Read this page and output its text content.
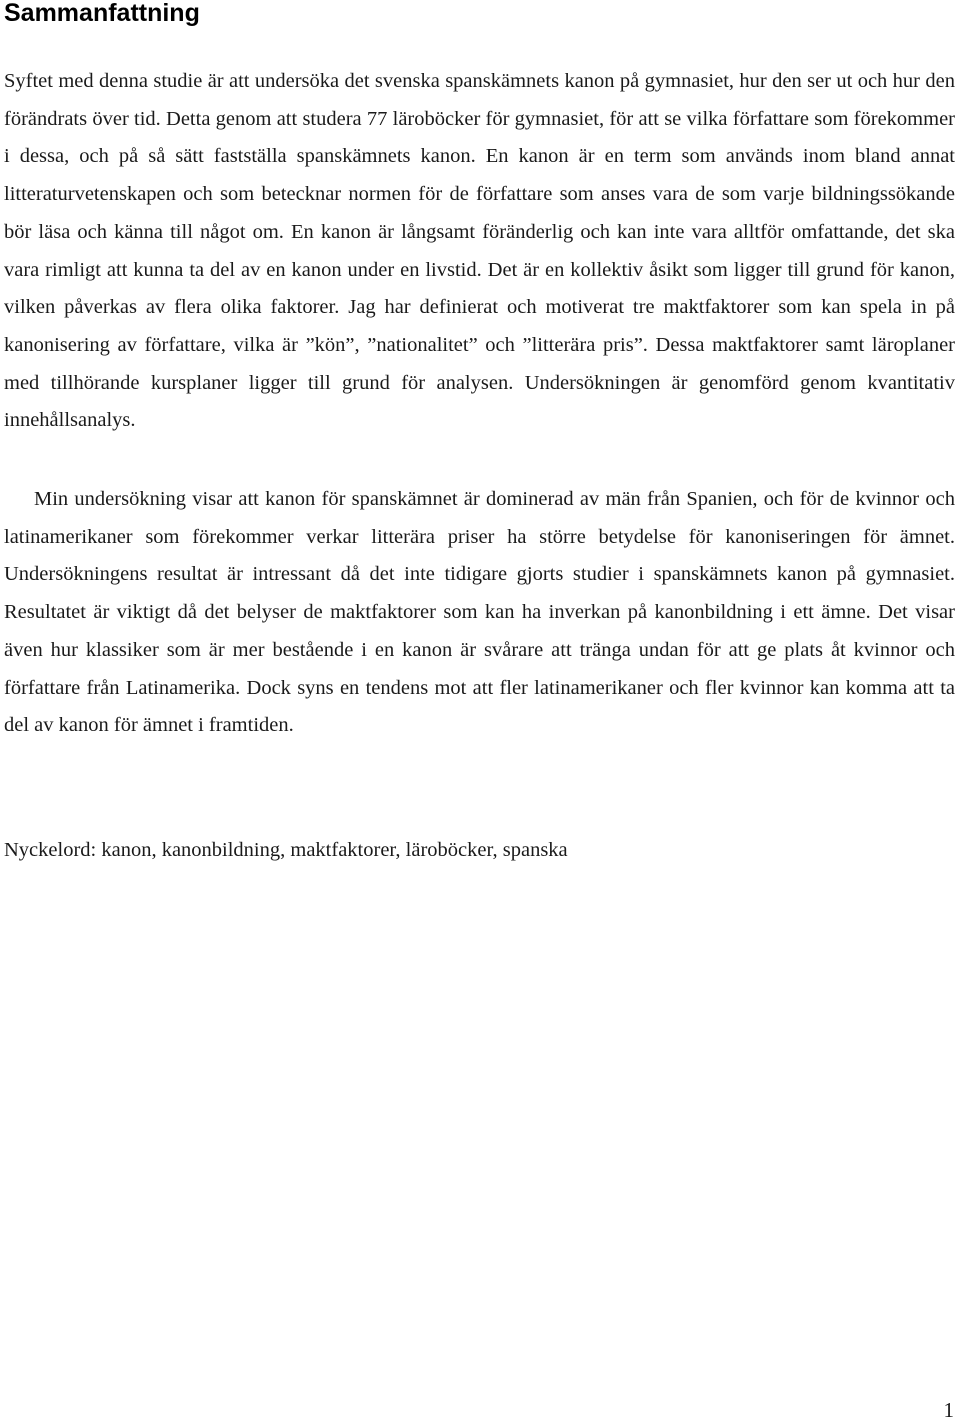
Sammanfattning

Syftet med denna studie är att undersöka det svenska spanskämnets kanon på gymnasiet, hur den ser ut och hur den förändrats över tid. Detta genom att studera 77 läroböcker för gymnasiet, för att se vilka författare som förekommer i dessa, och på så sätt fastställa spanskämnets kanon. En kanon är en term som används inom bland annat litteraturvetenskapen och som betecknar normen för de författare som anses vara de som varje bildningssökande bör läsa och känna till något om. En kanon är långsamt föränderlig och kan inte vara alltför omfattande, det ska vara rimligt att kunna ta del av en kanon under en livstid. Det är en kollektiv åsikt som ligger till grund för kanon, vilken påverkas av flera olika faktorer. Jag har definierat och motiverat tre maktfaktorer som kan spela in på kanonisering av författare, vilka är ”kön”, ”nationalitet” och ”litterära pris”. Dessa maktfaktorer samt läroplaner med tillhörande kursplaner ligger till grund för analysen. Undersökningen är genomförd genom kvantitativ innehållsanalys.

Min undersökning visar att kanon för spanskämnet är dominerad av män från Spanien, och för de kvinnor och latinamerikaner som förekommer verkar litterära priser ha större betydelse för kanoniseringen för ämnet. Undersökningens resultat är intressant då det inte tidigare gjorts studier i spanskämnets kanon på gymnasiet. Resultatet är viktigt då det belyser de maktfaktorer som kan ha inverkan på kanonbildning i ett ämne. Det visar även hur klassiker som är mer bestående i en kanon är svårare att tränga undan för att ge plats åt kvinnor och författare från Latinamerika. Dock syns en tendens mot att fler latinamerikaner och fler kvinnor kan komma att ta del av kanon för ämnet i framtiden.

Nyckelord: kanon, kanonbildning, maktfaktorer, läroböcker, spanska

1
